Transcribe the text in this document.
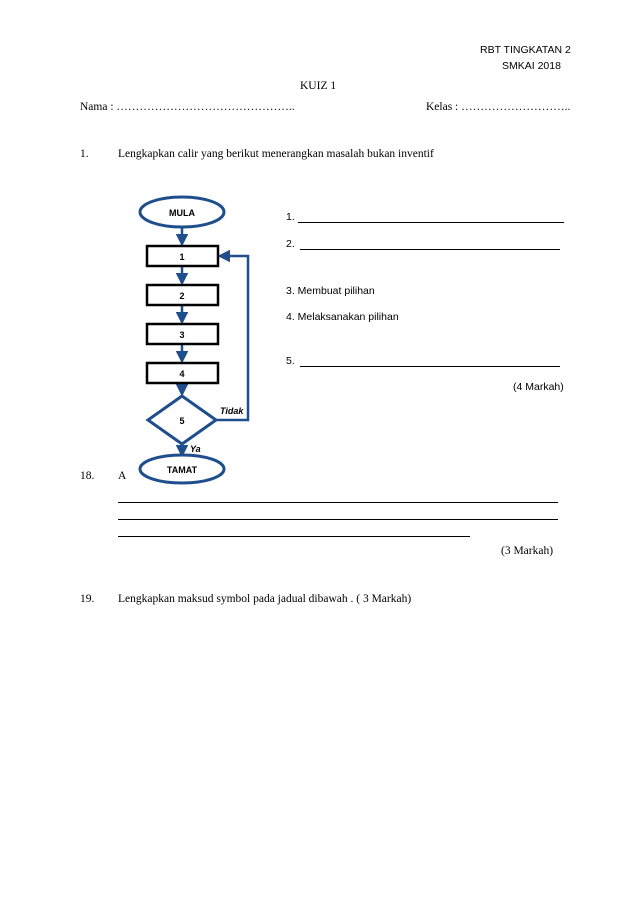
RBT TINGKATAN 2
SMKAI 2018
KUIZ 1
Nama : ………………………………………..	Kelas : ………………………..
1.	Lengkapkan calir yang berikut menerangkan masalah bukan inventif
1.
2.
3. Membuat pilihan
4. Melaksanakan pilihan
5.
(4 Markah)
MULA
1
2
3
4
5
Tidak
Ya
TAMAT
18. A
(3 Markah)
19. Lengkapkan maksud symbol pada jadual dibawah . ( 3 Markah)
